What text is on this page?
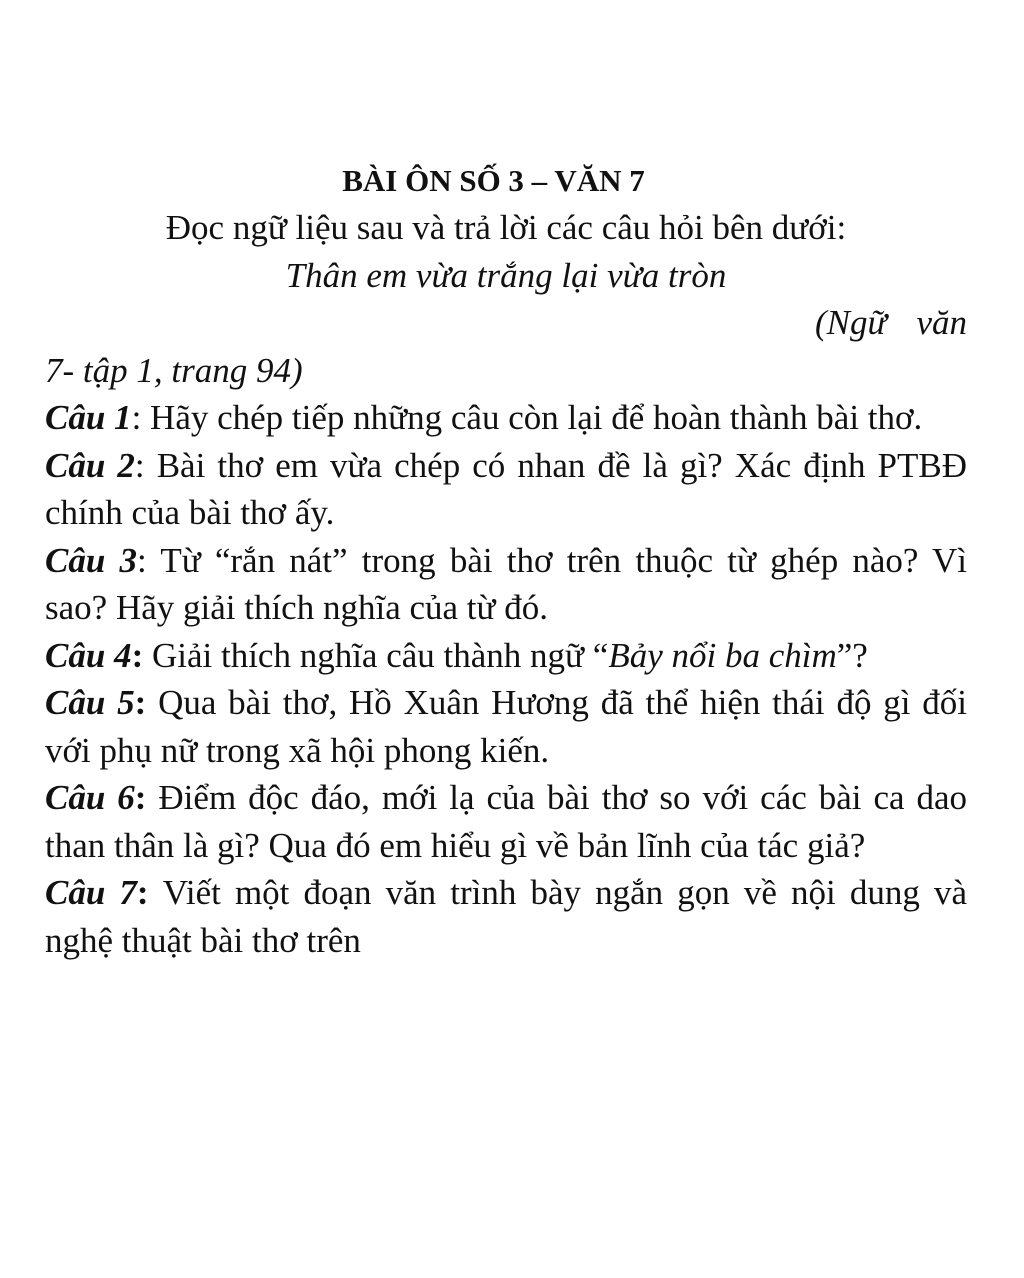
BÀI ÔN SỐ 3 – VĂN 7
Đọc ngữ liệu sau và trả lời các câu hỏi bên dưới:
Thân em vừa trắng lại vừa tròn
(Ngữ văn 7- tập 1, trang 94)

Câu 1: Hãy chép tiếp những câu còn lại để hoàn thành bài thơ.

Câu 2: Bài thơ em vừa chép có nhan đề là gì? Xác định PTBĐ chính của bài thơ ấy.

Câu 3: Từ “rắn nát” trong bài thơ trên thuộc từ ghép nào? Vì sao? Hãy giải thích nghĩa của từ đó.

Câu 4: Giải thích nghĩa câu thành ngữ “Bảy nổi ba chìm”?

Câu 5: Qua bài thơ, Hồ Xuân Hương đã thể hiện thái độ gì đối với phụ nữ trong xã hội phong kiến.

Câu 6: Điểm độc đáo, mới lạ của bài thơ so với các bài ca dao than thân là gì? Qua đó em hiểu gì về bản lĩnh của tác giả?

Câu 7: Viết một đoạn văn trình bày ngắn gọn về nội dung và nghệ thuật bài thơ trên
